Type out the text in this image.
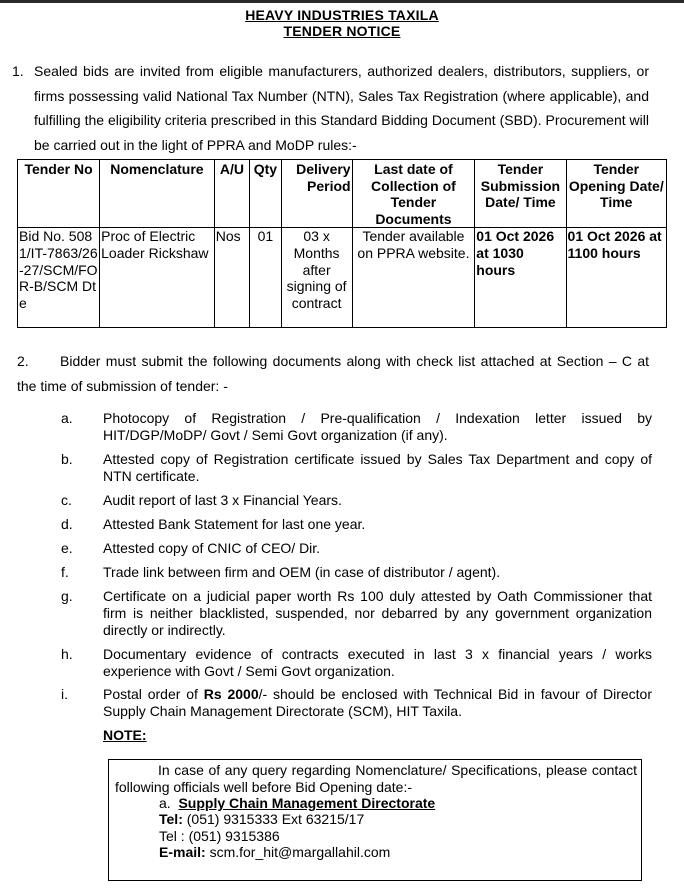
HEAVY INDUSTRIES TAXILA
TENDER NOTICE
1. Sealed bids are invited from eligible manufacturers, authorized dealers, distributors, suppliers, or firms possessing valid National Tax Number (NTN), Sales Tax Registration (where applicable), and fulfilling the eligibility criteria prescribed in this Standard Bidding Document (SBD). Procurement will be carried out in the light of PPRA and MoDP rules:-
Tender No	Nomenclature	A/U	Qty	Delivery Period	Last date of Collection of Tender Documents	Tender Submission Date/ Time	Tender Opening Date/ Time
Bid No. 5081/IT-7863/26-27/SCM/FOR-B/SCM Dte	Proc of Electric Loader Rickshaw	Nos	01	03 x Months after signing of contract	Tender available on PPRA website.	01 Oct 2026 at 1030 hours	01 Oct 2026 at 1100 hours
2. Bidder must submit the following documents along with check list attached at Section – C at the time of submission of tender: -
a. Photocopy of Registration / Pre-qualification / Indexation letter issued by HIT/DGP/MoDP/ Govt / Semi Govt organization (if any).
b. Attested copy of Registration certificate issued by Sales Tax Department and copy of NTN certificate.
c. Audit report of last 3 x Financial Years.
d. Attested Bank Statement for last one year.
e. Attested copy of CNIC of CEO/ Dir.
f. Trade link between firm and OEM (in case of distributor / agent).
g. Certificate on a judicial paper worth Rs 100 duly attested by Oath Commissioner that firm is neither blacklisted, suspended, nor debarred by any government organization directly or indirectly.
h. Documentary evidence of contracts executed in last 3 x financial years / works experience with Govt / Semi Govt organization.
i.	Postal order of Rs 2000/- should be enclosed with Technical Bid in favour of Director Supply Chain Management Directorate (SCM), HIT Taxila.
NOTE:
In case of any query regarding Nomenclature/ Specifications, please contact following officials well before Bid Opening date:-
a. Supply Chain Management Directorate
Tel: (051) 9315333 Ext 63215/17
Tel : (051) 9315386
E-mail: scm.for_hit@margallahil.com
